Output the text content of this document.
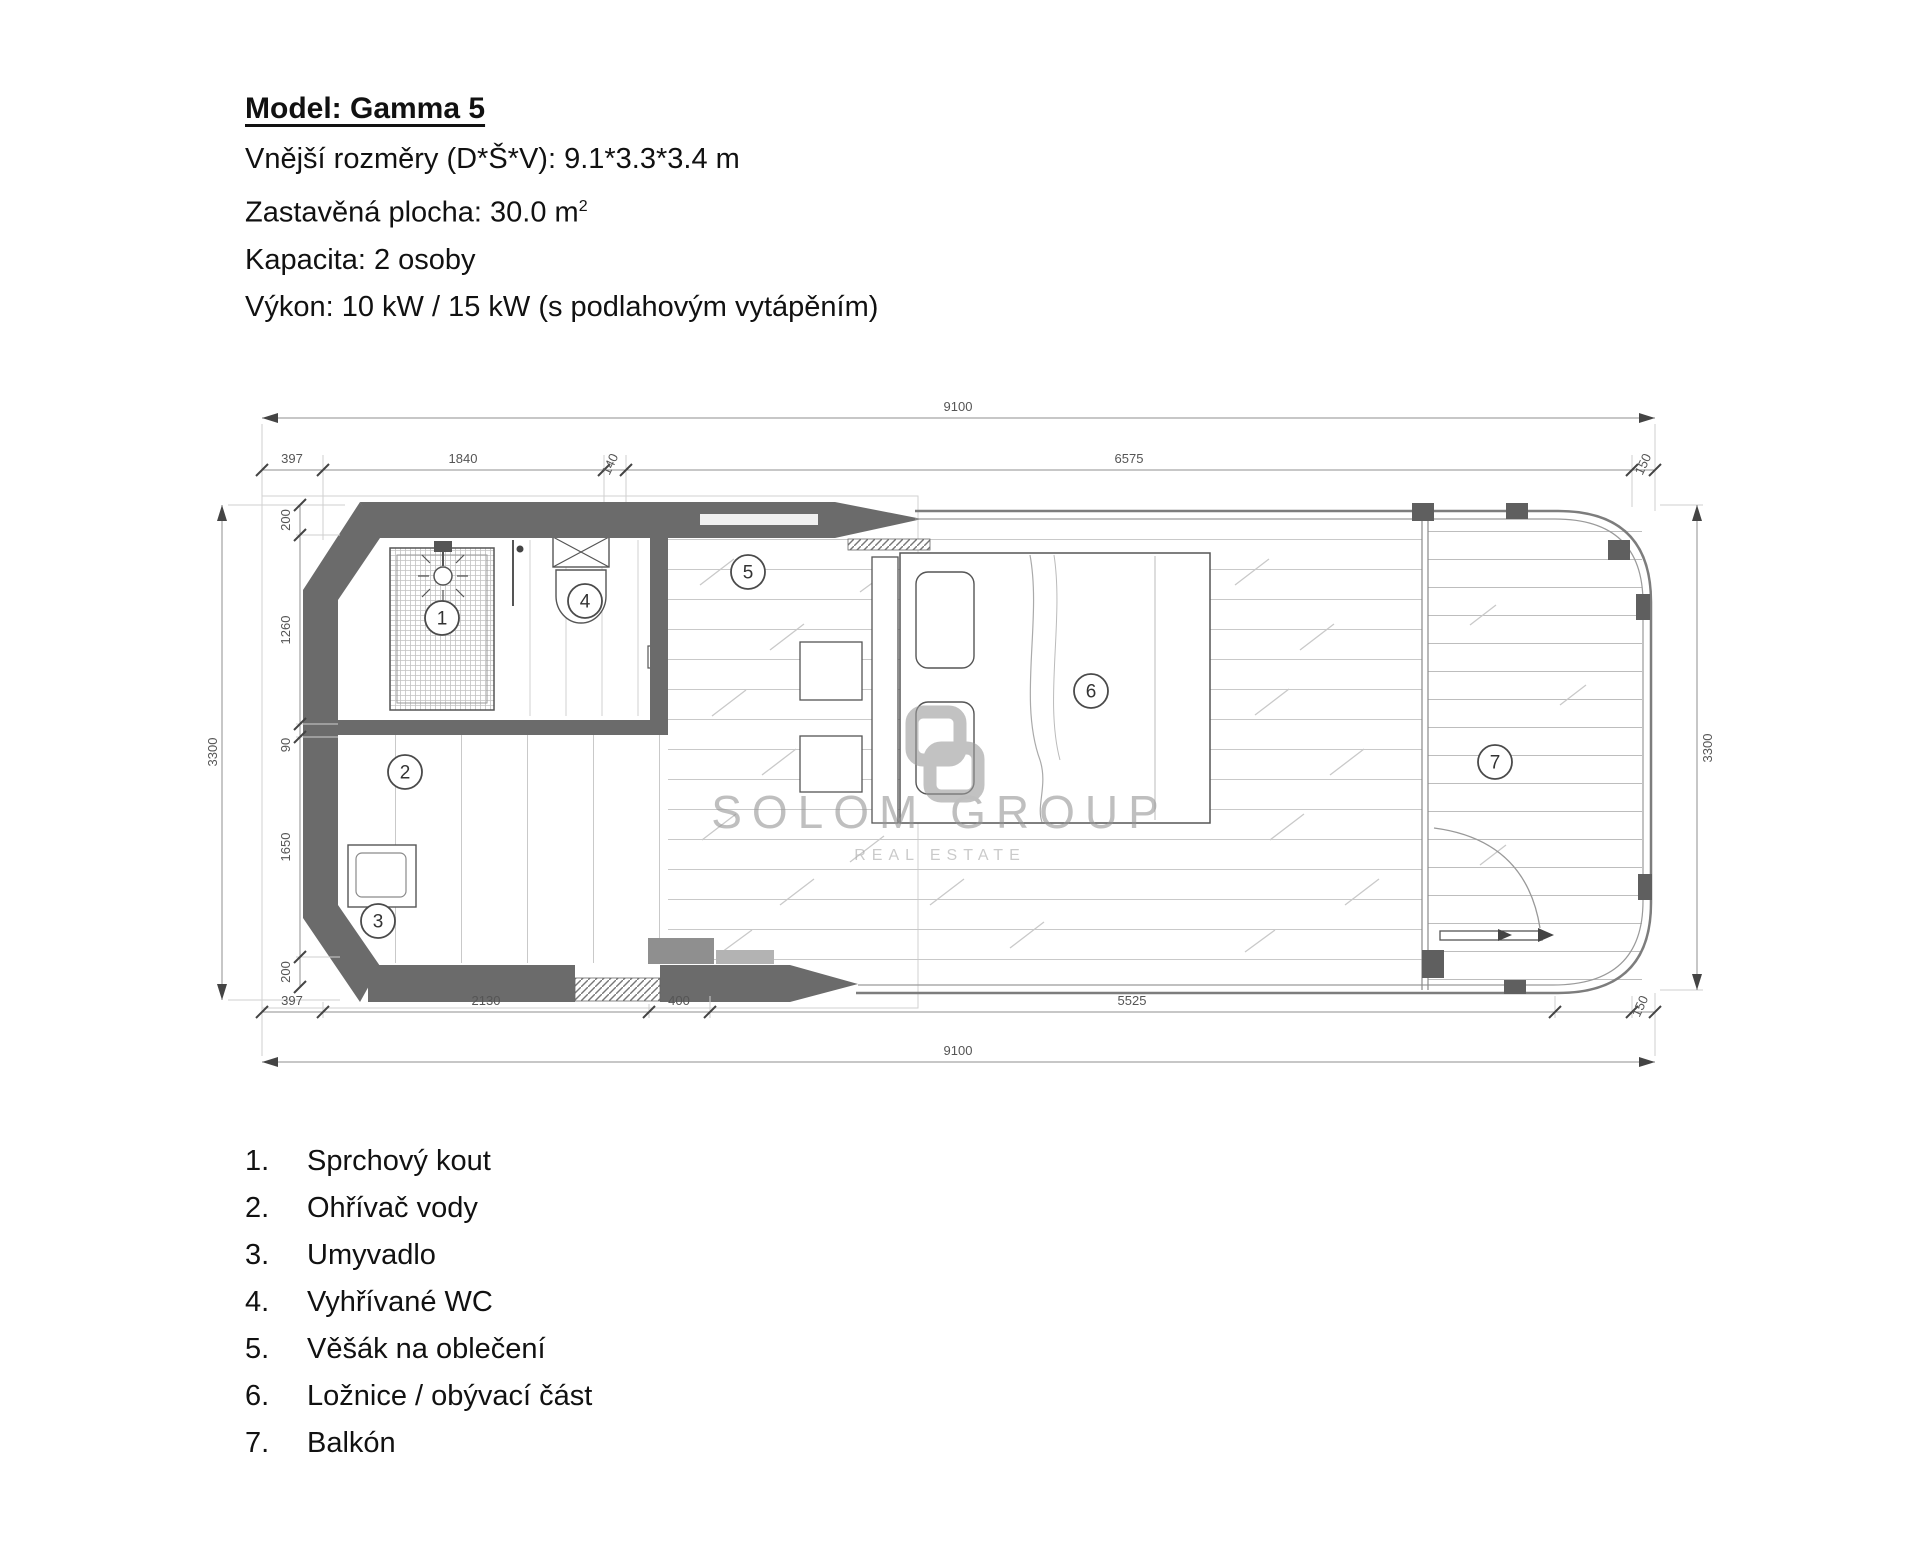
Model: Gamma 5
Vnější rozměry (D*Š*V): 9.1*3.3*3.4 m
Zastavěná plocha: 30.0 $m^2$
Kapacita: 2 osoby
Výkon: 10 kW / 15 kW (s podlahovým vytápěním)
SOLOM GROUP
REAL ESTATE
1
2
3
4
5
6
7
9100
397	1840	140	6575	150
397	2130	400	5525	150
9100
3300
200
1260
90
1650
200
3300
1.	Sprchový kout
2.	Ohřívač vody
3.	Umyvadlo
4.	Vyhřívané WC
5.	Věšák na oblečení
6.	Ložnice / obývací část
7.	Balkón
